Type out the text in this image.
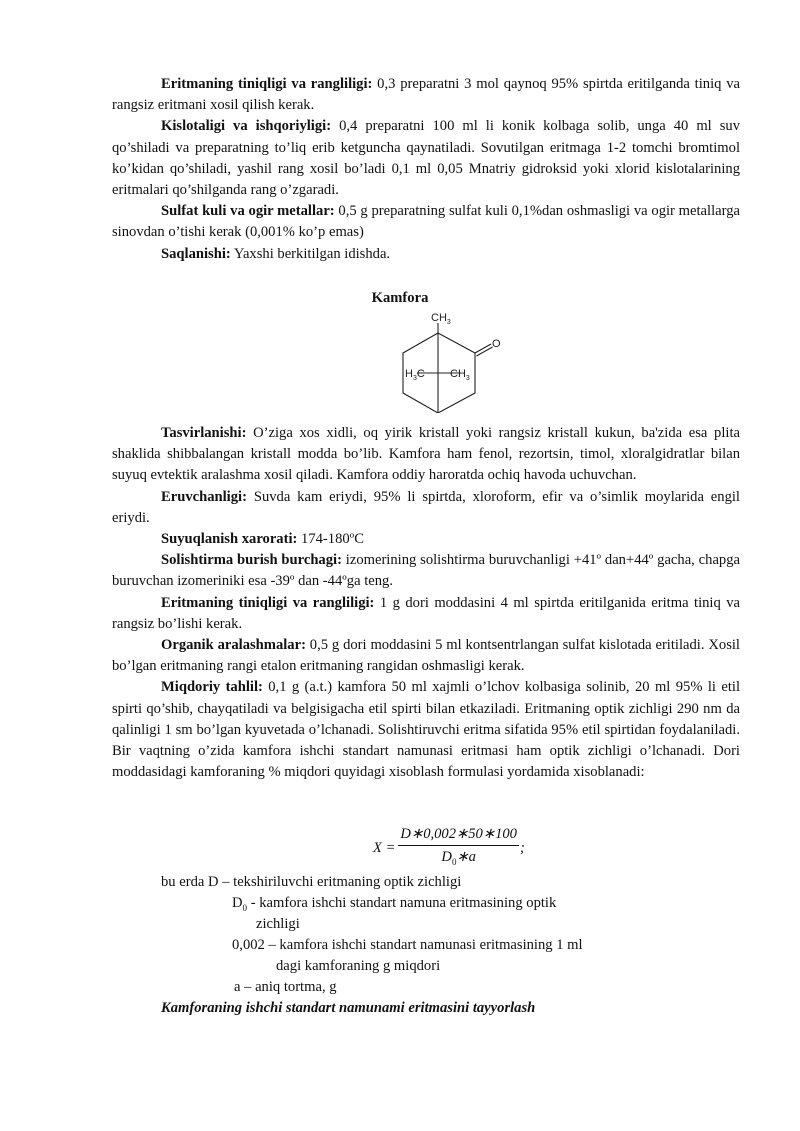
Eritmaning tiniqligi va rangliligi: 0,3 preparatni 3 mol qaynoq 95% spirtda eritilganda tiniq va rangsiz eritmani xosil qilish kerak.

Kislotaligi va ishqoriyligi: 0,4 preparatni 100 ml li konik kolbaga solib, unga 40 ml suv qo’shiladi va preparatning to’liq erib ketguncha qaynatiladi. Sovutilgan eritmaga 1-2 tomchi bromtimol ko’kidan qo’shiladi, yashil rang xosil bo’ladi 0,1 ml 0,05 Mnatriy gidroksid yoki xlorid kislotalarining eritmalari qo’shilganda rang o’zgaradi.

Sulfat kuli va ogir metallar: 0,5 g preparatning sulfat kuli 0,1%dan oshmasligi va ogir metallarga sinovdan o’tishi kerak (0,001% ko’p emas)

Saqlanishi: Yaxshi berkitilgan idishda.

Kamfora
$CH_3$
O
$H_3C$ $CH_3$

Tasvirlanishi: O’ziga xos xidli, oq yirik kristall yoki rangsiz kristall kukun, ba'zida esa plita shaklida shibbalangan kristall modda bo’lib. Kamfora ham fenol, rezortsin, timol, xloralgidratlar bilan suyuq evtektik aralashma xosil qiladi. Kamfora oddiy haroratda ochiq havoda uchuvchan.

Eruvchanligi: Suvda kam eriydi, 95% li spirtda, xloroform, efir va o’simlik moylarida engil eriydi.

Suyuqlanish xarorati: 174-180ºC

Solishtirma burish burchagi: izomerining solishtirma buruvchanligi +41º dan+44º gacha, chapga buruvchan izomeriniki esa -39º dan -44ºga teng.

Eritmaning tiniqligi va rangliligi: 1 g dori moddasini 4 ml spirtda eritilganida eritma tiniq va rangsiz bo’lishi kerak.

Organik aralashmalar: 0,5 g dori moddasini 5 ml kontsentrlangan sulfat kislotada eritiladi. Xosil bo’lgan eritmaning rangi etalon eritmaning rangidan oshmasligi kerak.

Miqdoriy tahlil: 0,1 g (a.t.) kamfora 50 ml xajmli o’lchov kolbasiga solinib, 20 ml 95% li etil spirti qo’shib, chayqatiladi va belgisigacha etil spirti bilan etkaziladi. Eritmaning optik zichligi 290 nm da qalinligi 1 sm bo’lgan kyuvetada o’lchanadi. Solishtiruvchi eritma sifatida 95% etil spirtidan foydalaniladi. Bir vaqtning o’zida kamfora ishchi standart namunasi eritmasi ham optik zichligi o’lchanadi. Dori moddasidagi kamforaning % miqdori quyidagi xisoblash formulasi yordamida xisoblanadi:

X =	D∗0,002∗50∗100	;
$D_0∗a$
bu erda D – tekshiriluvchi eritmaning optik zichligi
$D_0$ - kamfora ishchi standart namuna eritmasining optik
zichligi
0,002 – kamfora ishchi standart namunasi eritmasining 1 ml
dagi kamforaning g miqdori
a – aniq tortma, g
Kamforaning ishchi standart namunami eritmasini tayyorlash
